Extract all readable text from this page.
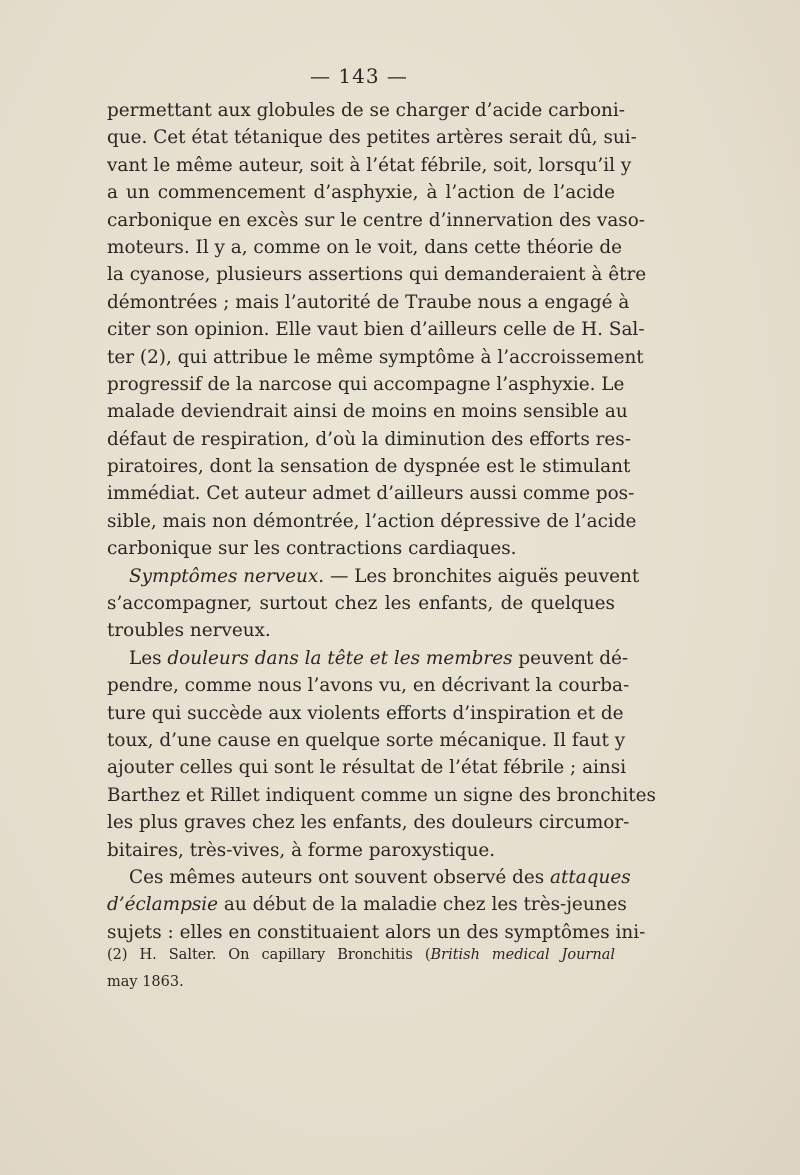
— 143 —
permettant aux globules de se charger d’acide carboni-
que. Cet état tétanique des petites artères serait dû, sui-
vant le même auteur, soit à l’état fébrile, soit, lorsqu’il y
a un commencement d’asphyxie, à l’action de l’acide
carbonique en excès sur le centre d’innervation des vaso-
moteurs. Il y a, comme on le voit, dans cette théorie de
la cyanose, plusieurs assertions qui demanderaient à être
démontrées ; mais l’autorité de Traube nous a engagé à
citer son opinion. Elle vaut bien d’ailleurs celle de H. Sal-
ter (2), qui attribue le même symptôme à l’accroissement
progressif de la narcose qui accompagne l’asphyxie. Le
malade deviendrait ainsi de moins en moins sensible au
défaut de respiration, d’où la diminution des efforts res-
piratoires, dont la sensation de dyspnée est le stimulant
immédiat. Cet auteur admet d’ailleurs aussi comme pos-
sible, mais non démontrée, l’action dépressive de l’acide
carbonique sur les contractions cardiaques.
Symptômes nerveux. — Les bronchites aiguës peuvent
s’accompagner, surtout chez les enfants, de quelques
troubles nerveux.
Les douleurs dans la tête et les membres peuvent dé-
pendre, comme nous l’avons vu, en décrivant la courba-
ture qui succède aux violents efforts d’inspiration et de
toux, d’une cause en quelque sorte mécanique. Il faut y
ajouter celles qui sont le résultat de l’état fébrile ; ainsi
Barthez et Rillet indiquent comme un signe des bronchites
les plus graves chez les enfants, des douleurs circumor-
bitaires, très-vives, à forme paroxystique.
Ces mêmes auteurs ont souvent observé des attaques
d’éclampsie au début de la maladie chez les très-jeunes
sujets : elles en constituaient alors un des symptômes ini-
(2) H. Salter. On capillary Bronchitis (British medical Journal
may 1863.
